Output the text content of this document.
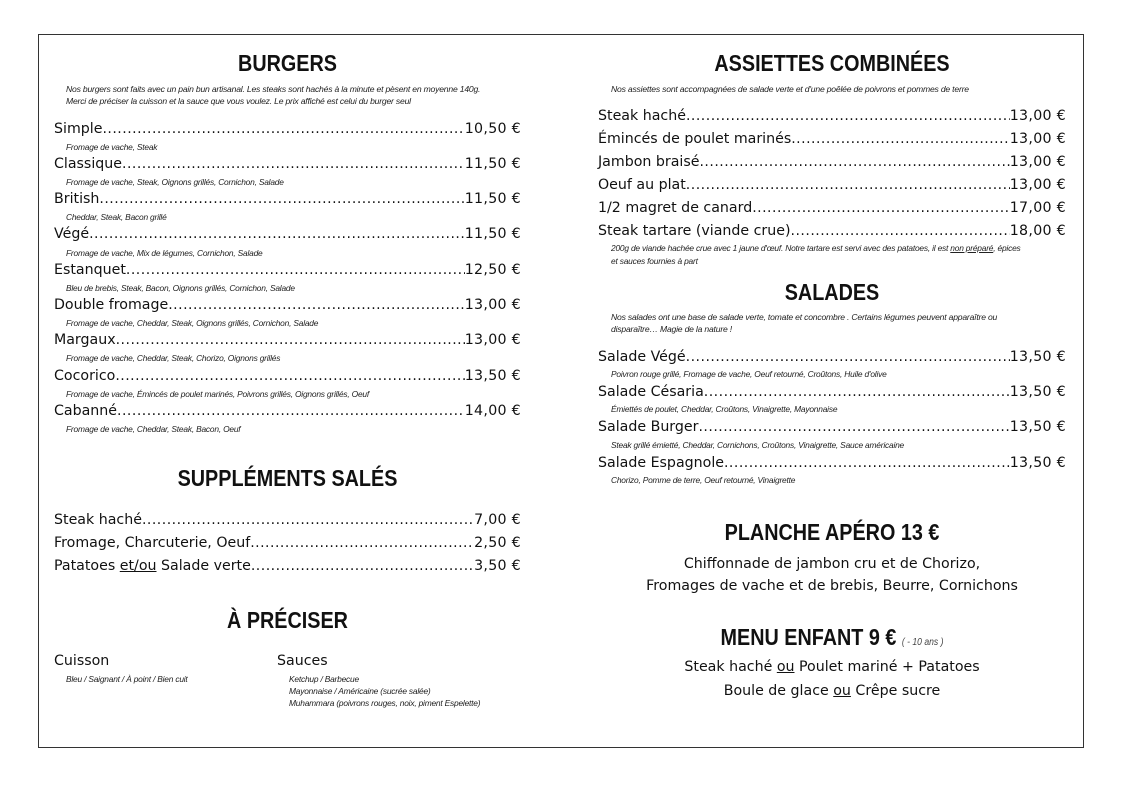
BURGERS
Nos burgers sont faits avec un pain bun artisanal. Les steaks sont hachés à la minute et pèsent en moyenne 140g.
Merci de préciser la cuisson et la sauce que vous voulez. Le prix affiché est celui du burger seul
Simple .....	10,50 €
Fromage de vache, Steak
Classique .....	11,50 €
Fromage de vache, Steak, Oignons grillés, Cornichon, Salade
British .....	11,50 €
Cheddar, Steak, Bacon grillé
Végé .....	11,50 €
Fromage de vache, Mix de légumes, Cornichon, Salade
Estanquet .....	12,50 €
Bleu de brebis, Steak, Bacon, Oignons grillés, Cornichon, Salade
Double fromage .....	13,00 €
Fromage de vache, Cheddar, Steak, Oignons grillés, Cornichon, Salade
Margaux .....	13,00 €
Fromage de vache, Cheddar, Steak, Chorizo, Oignons grillés
Cocorico .....	13,50 €
Fromage de vache, Émincés de poulet marinés, Poivrons grillés, Oignons grillés, Oeuf
Cabanné .....	14,00 €
Fromage de vache, Cheddar, Steak, Bacon, Oeuf
SUPPLÉMENTS SALÉS
Steak haché .....	7,00 €
Fromage, Charcuterie, Oeuf .....	2,50 €
Patatoes et/ou Salade verte .....	3,50 €
À PRÉCISER
Cuisson
Bleu / Saignant / À point / Bien cuit
Sauces
Ketchup / Barbecue
Mayonnaise / Américaine (sucrée salée)
Muhammara (poivrons rouges, noix, piment Espelette)
ASSIETTES COMBINÉES
Nos assiettes sont accompagnées de salade verte et d'une poêlée de poivrons et pommes de terre
Steak haché .....	13,00 €
Émincés de poulet marinés .....	13,00 €
Jambon braisé .....	13,00 €
Oeuf au plat .....	13,00 €
1/2 magret de canard .....	17,00 €
Steak tartare (viande crue) .....	18,00 €
200g de viande hachée crue avec 1 jaune d'œuf. Notre tartare est servi avec des patatoes, il est non préparé, épices
et sauces fournies à part
SALADES
Nos salades ont une base de salade verte, tomate et concombre . Certains légumes peuvent apparaître ou
disparaître… Magie de la nature !
Salade Végé .....	13,50 €
Poivron rouge grillé, Fromage de vache, Oeuf retourné, Croûtons, Huile d'olive
Salade Césaria .....	13,50 €
Émiettés de poulet, Cheddar, Croûtons, Vinaigrette, Mayonnaise
Salade Burger .....	13,50 €
Steak grillé émietté, Cheddar, Cornichons, Croûtons, Vinaigrette, Sauce américaine
Salade Espagnole .....	13,50 €
Chorizo, Pomme de terre, Oeuf retourné, Vinaigrette
PLANCHE APÉRO 13 €
Chiffonnade de jambon cru et de Chorizo,
Fromages de vache et de brebis, Beurre, Cornichons
MENU ENFANT 9 € ( - 10 ans )
Steak haché ou Poulet mariné + Patatoes
Boule de glace ou Crêpe sucre
